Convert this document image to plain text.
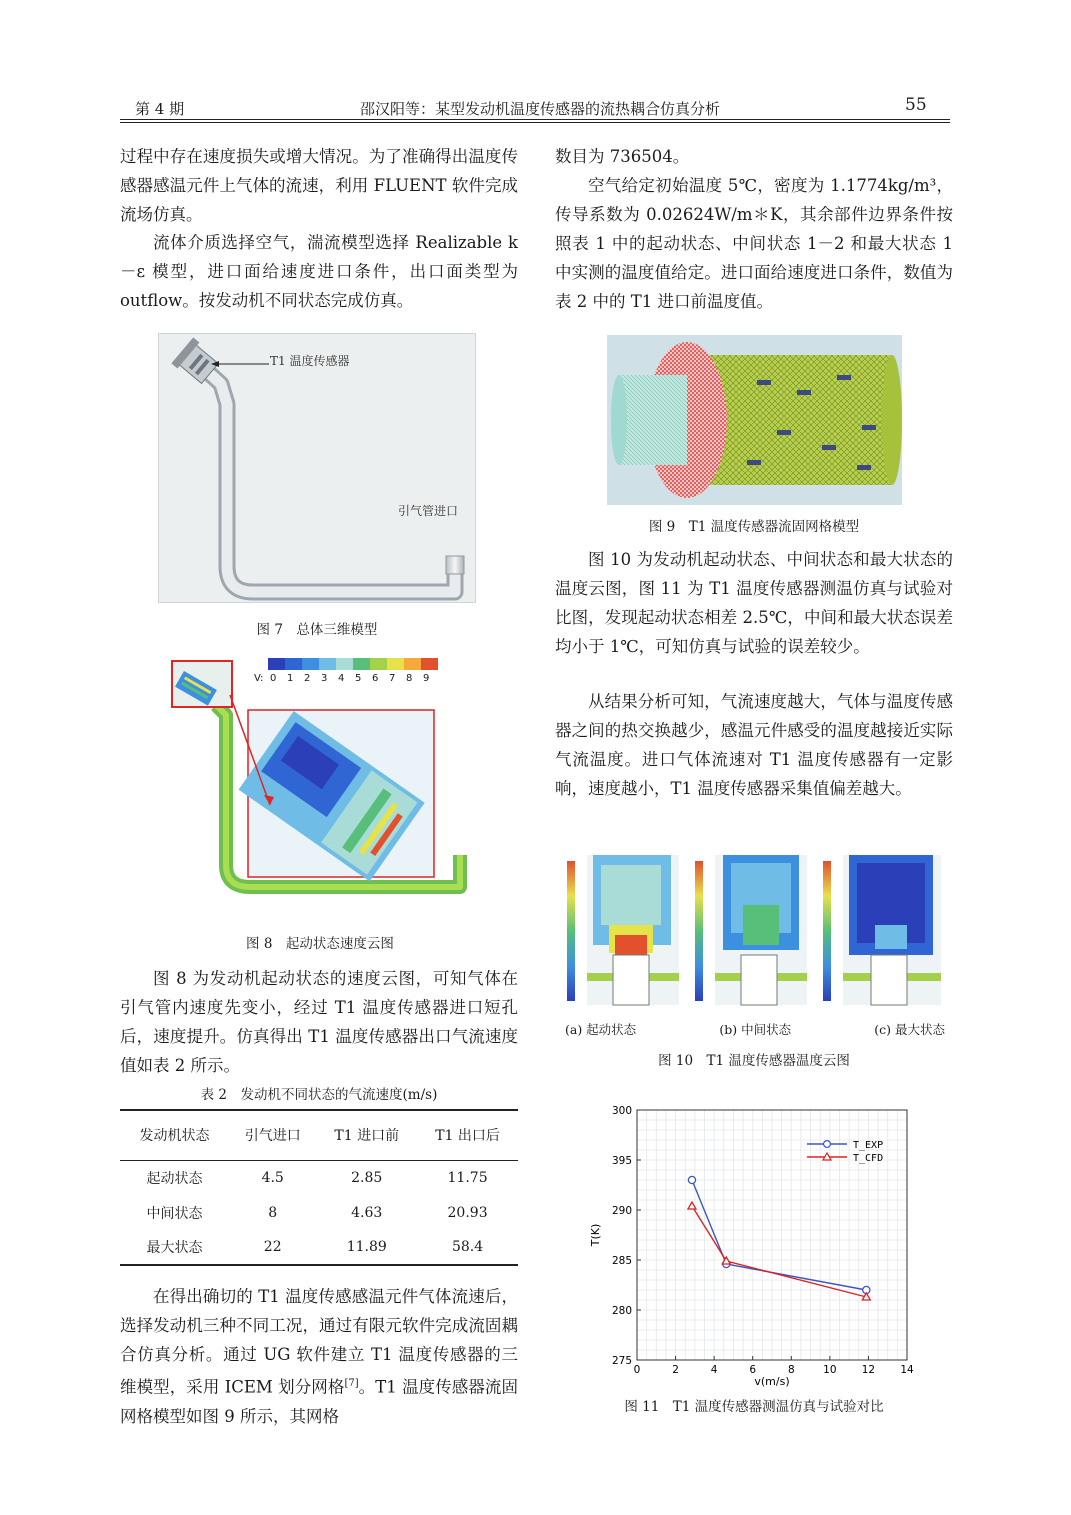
第 4 期	邵汉阳等：某型发动机温度传感器的流热耦合仿真分析	55
过程中存在速度损失或增大情况。为了准确得出温度传感器感温元件上气体的流速，利用 FLUENT 软件完成流场仿真。
流体介质选择空气，湍流模型选择 Realizable k－ε 模型，进口面给速度进口条件，出口面类型为 outflow。按发动机不同状态完成仿真。
T1 温度传感器
引气管进口
图 7　总体三维模型
V: 0	1	2	3	4	5	6	7	8	9
图 8　起动状态速度云图
图 8 为发动机起动状态的速度云图，可知气体在引气管内速度先变小，经过 T1 温度传感器进口短孔后，速度提升。仿真得出 T1 温度传感器出口气流速度值如表 2 所示。
表 2　发动机不同状态的气流速度(m/s)
发动机状态	引气进口	T1 进口前	T1 出口后
起动状态	4.5	2.85	11.75
中间状态	8	4.63	20.93
最大状态	22	11.89	58.4
在得出确切的 T1 温度传感感温元件气体流速后，选择发动机三种不同工况，通过有限元软件完成流固耦合仿真分析。通过 UG 软件建立 T1 温度传感器的三维模型，采用 ICEM 划分网格[7]。T1 温度传感器流固网格模型如图 9 所示，其网格
数目为 736504。
空气给定初始温度 5℃，密度为 1.1774kg/m³，传导系数为 0.02624W/m＊K，其余部件边界条件按照表 1 中的起动状态、中间状态 1－2 和最大状态 1 中实测的温度值给定。进口面给速度进口条件，数值为表 2 中的 T1 进口前温度值。
图 9　T1 温度传感器流固网格模型
图 10 为发动机起动状态、中间状态和最大状态的温度云图，图 11 为 T1 温度传感器测温仿真与试验对比图，发现起动状态相差 2.5℃，中间和最大状态误差均小于 1℃，可知仿真与试验的误差较少。
从结果分析可知，气流速度越大，气体与温度传感器之间的热交换越少，感温元件感受的温度越接近实际气流温度。进口气体流速对 T1 温度传感器有一定影响，速度越小，T1 温度传感器采集值偏差越大。
(a) 起动状态	(b) 中间状态	(c) 最大状态
图 10　T1 温度传感器温度云图
0	2	4	6	8	10 12 14
275
280
285
290
395
300
v(m/s)
T(K)
T_EXP
T_CFD
图 11　T1 温度传感器测温仿真与试验对比
